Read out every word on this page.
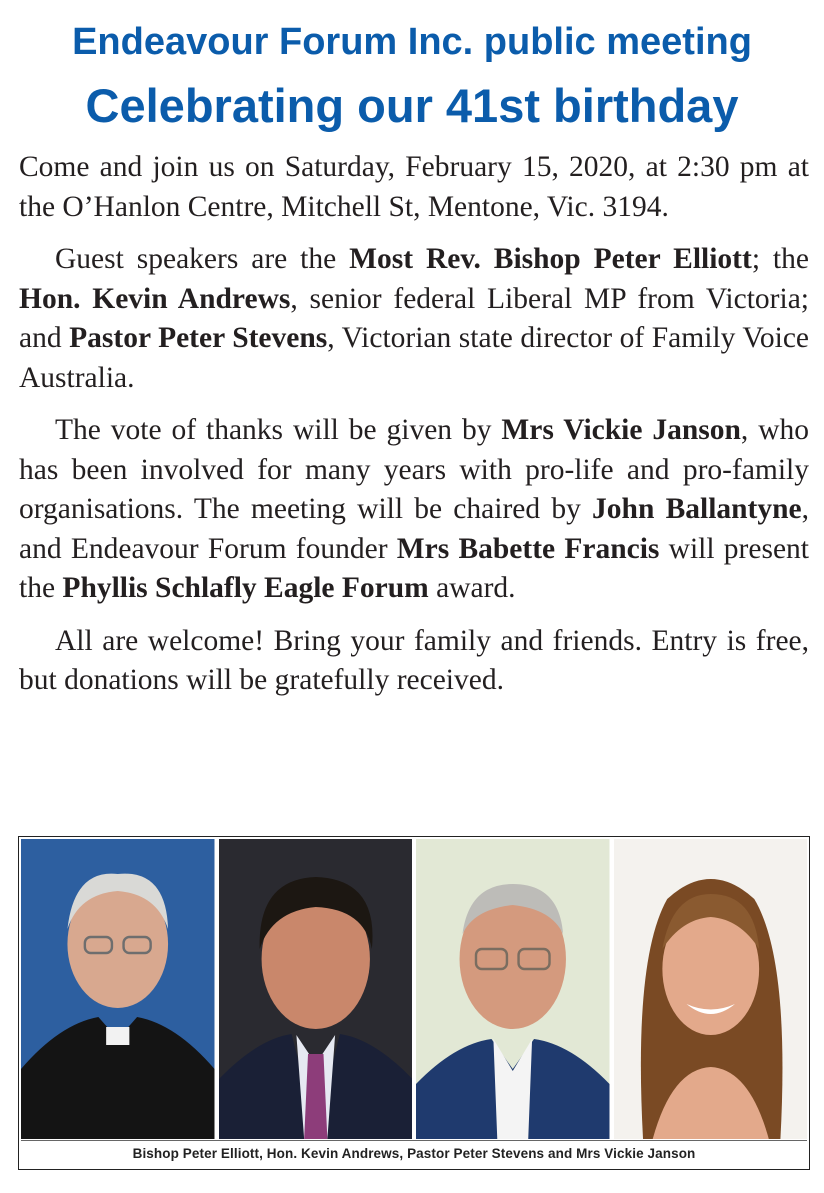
Endeavour Forum Inc. public meeting
Celebrating our 41st birthday

Come and join us on Saturday, February 15, 2020, at 2:30 pm at the O’Hanlon Centre, Mitchell St, Mentone, Vic. 3194.

Guest speakers are the Most Rev. Bishop Peter Elliott; the Hon. Kevin Andrews, senior federal Liberal MP from Victoria; and Pastor Peter Stevens, Victorian state director of Family Voice Australia.

The vote of thanks will be given by Mrs Vickie Janson, who has been involved for many years with pro-life and pro-family organisations. The meeting will be chaired by John Ballantyne, and Endeavour Forum founder Mrs Babette Francis will present the Phyllis Schlafly Eagle Forum award.

All are welcome! Bring your family and friends. Entry is free, but donations will be gratefully received.

Bishop Peter Elliott, Hon. Kevin Andrews, Pastor Peter Stevens and Mrs Vickie Janson
